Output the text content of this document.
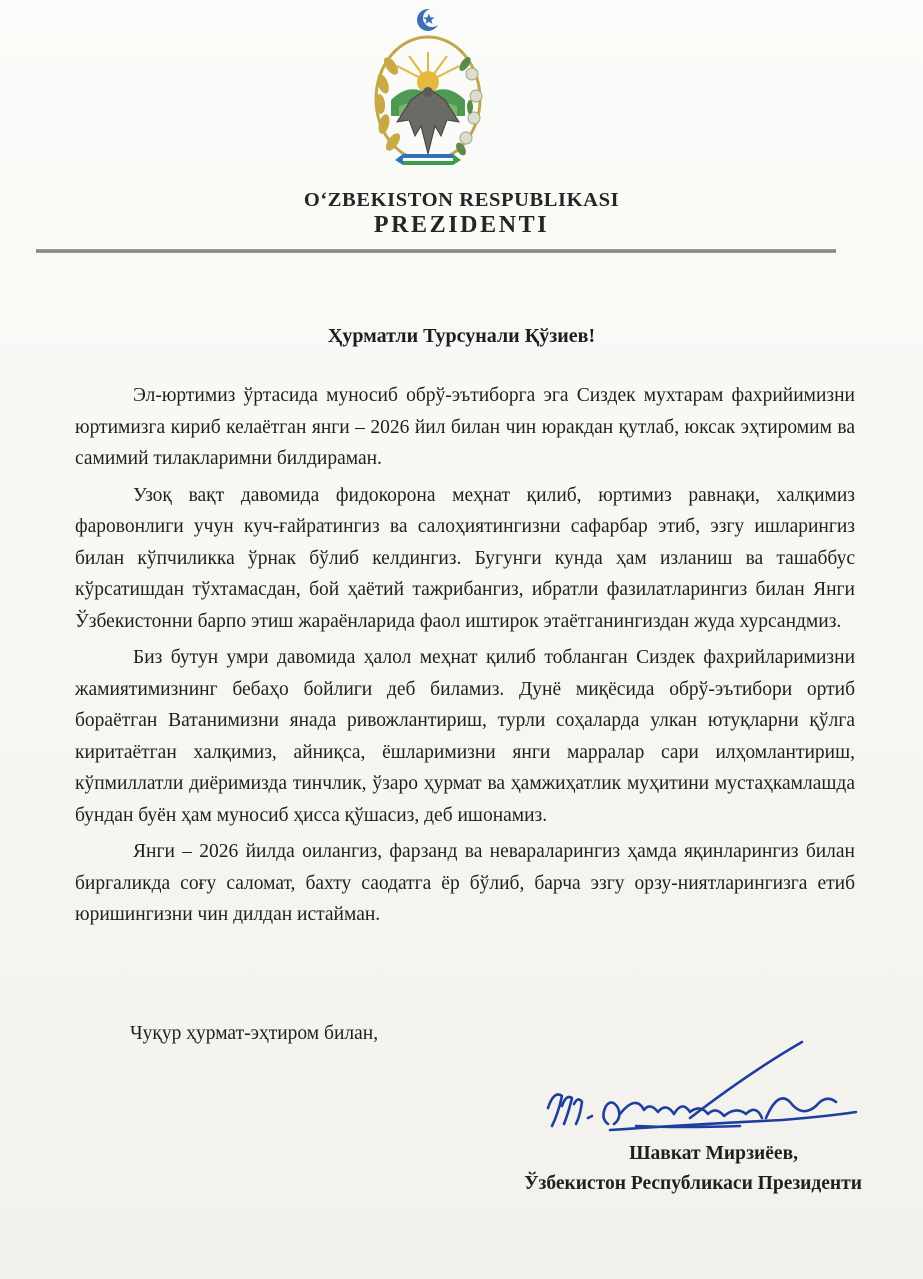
O‘ZBEKISTON RESPUBLIKASI
PREZIDENTI
Ҳурматли Турсунали Қўзиев!

Эл-юртимиз ўртасида муносиб обрў-эътиборга эга Сиздек мухтарам фахрийимизни юртимизга кириб келаётган янги – 2026 йил билан чин юракдан қутлаб, юксак эҳтиромим ва самимий тилакларимни билдираман.

Узоқ вақт давомида фидокорона меҳнат қилиб, юртимиз равнақи, халқимиз фаровонлиги учун куч-ғайратингиз ва салоҳиятингизни сафарбар этиб, эзгу ишларингиз билан кўпчиликка ўрнак бўлиб келдингиз. Бугунги кунда ҳам изланиш ва ташаббус кўрсатишдан тўхтамасдан, бой ҳаётий тажрибангиз, ибратли фазилатларингиз билан Янги Ўзбекистонни барпо этиш жараёнларида фаол иштирок этаётганингиздан жуда хурсандмиз.

Биз бутун умри давомида ҳалол меҳнат қилиб тобланган Сиздек фахрийларимизни жамиятимизнинг бебаҳо бойлиги деб биламиз. Дунё миқёсида обрў-эътибори ортиб бораётган Ватанимизни янада ривожлантириш, турли соҳаларда улкан ютуқларни қўлга киритаётган халқимиз, айниқса, ёшларимизни янги марралар сари илҳомлантириш, кўпмиллатли диёримизда тинчлик, ўзаро ҳурмат ва ҳамжиҳатлик муҳитини мустаҳкамлашда бундан буён ҳам муносиб ҳисса қўшасиз, деб ишонамиз.

Янги – 2026 йилда оилангиз, фарзанд ва невараларингиз ҳамда яқинларингиз билан биргаликда соғу саломат, бахту саодатга ёр бўлиб, барча эзгу орзу-ниятларингизга етиб юришингизни чин дилдан истайман.

Чуқур ҳурмат-эҳтиром билан,
Шавкат Мирзиёев,
Ўзбекистон Республикаси Президенти
